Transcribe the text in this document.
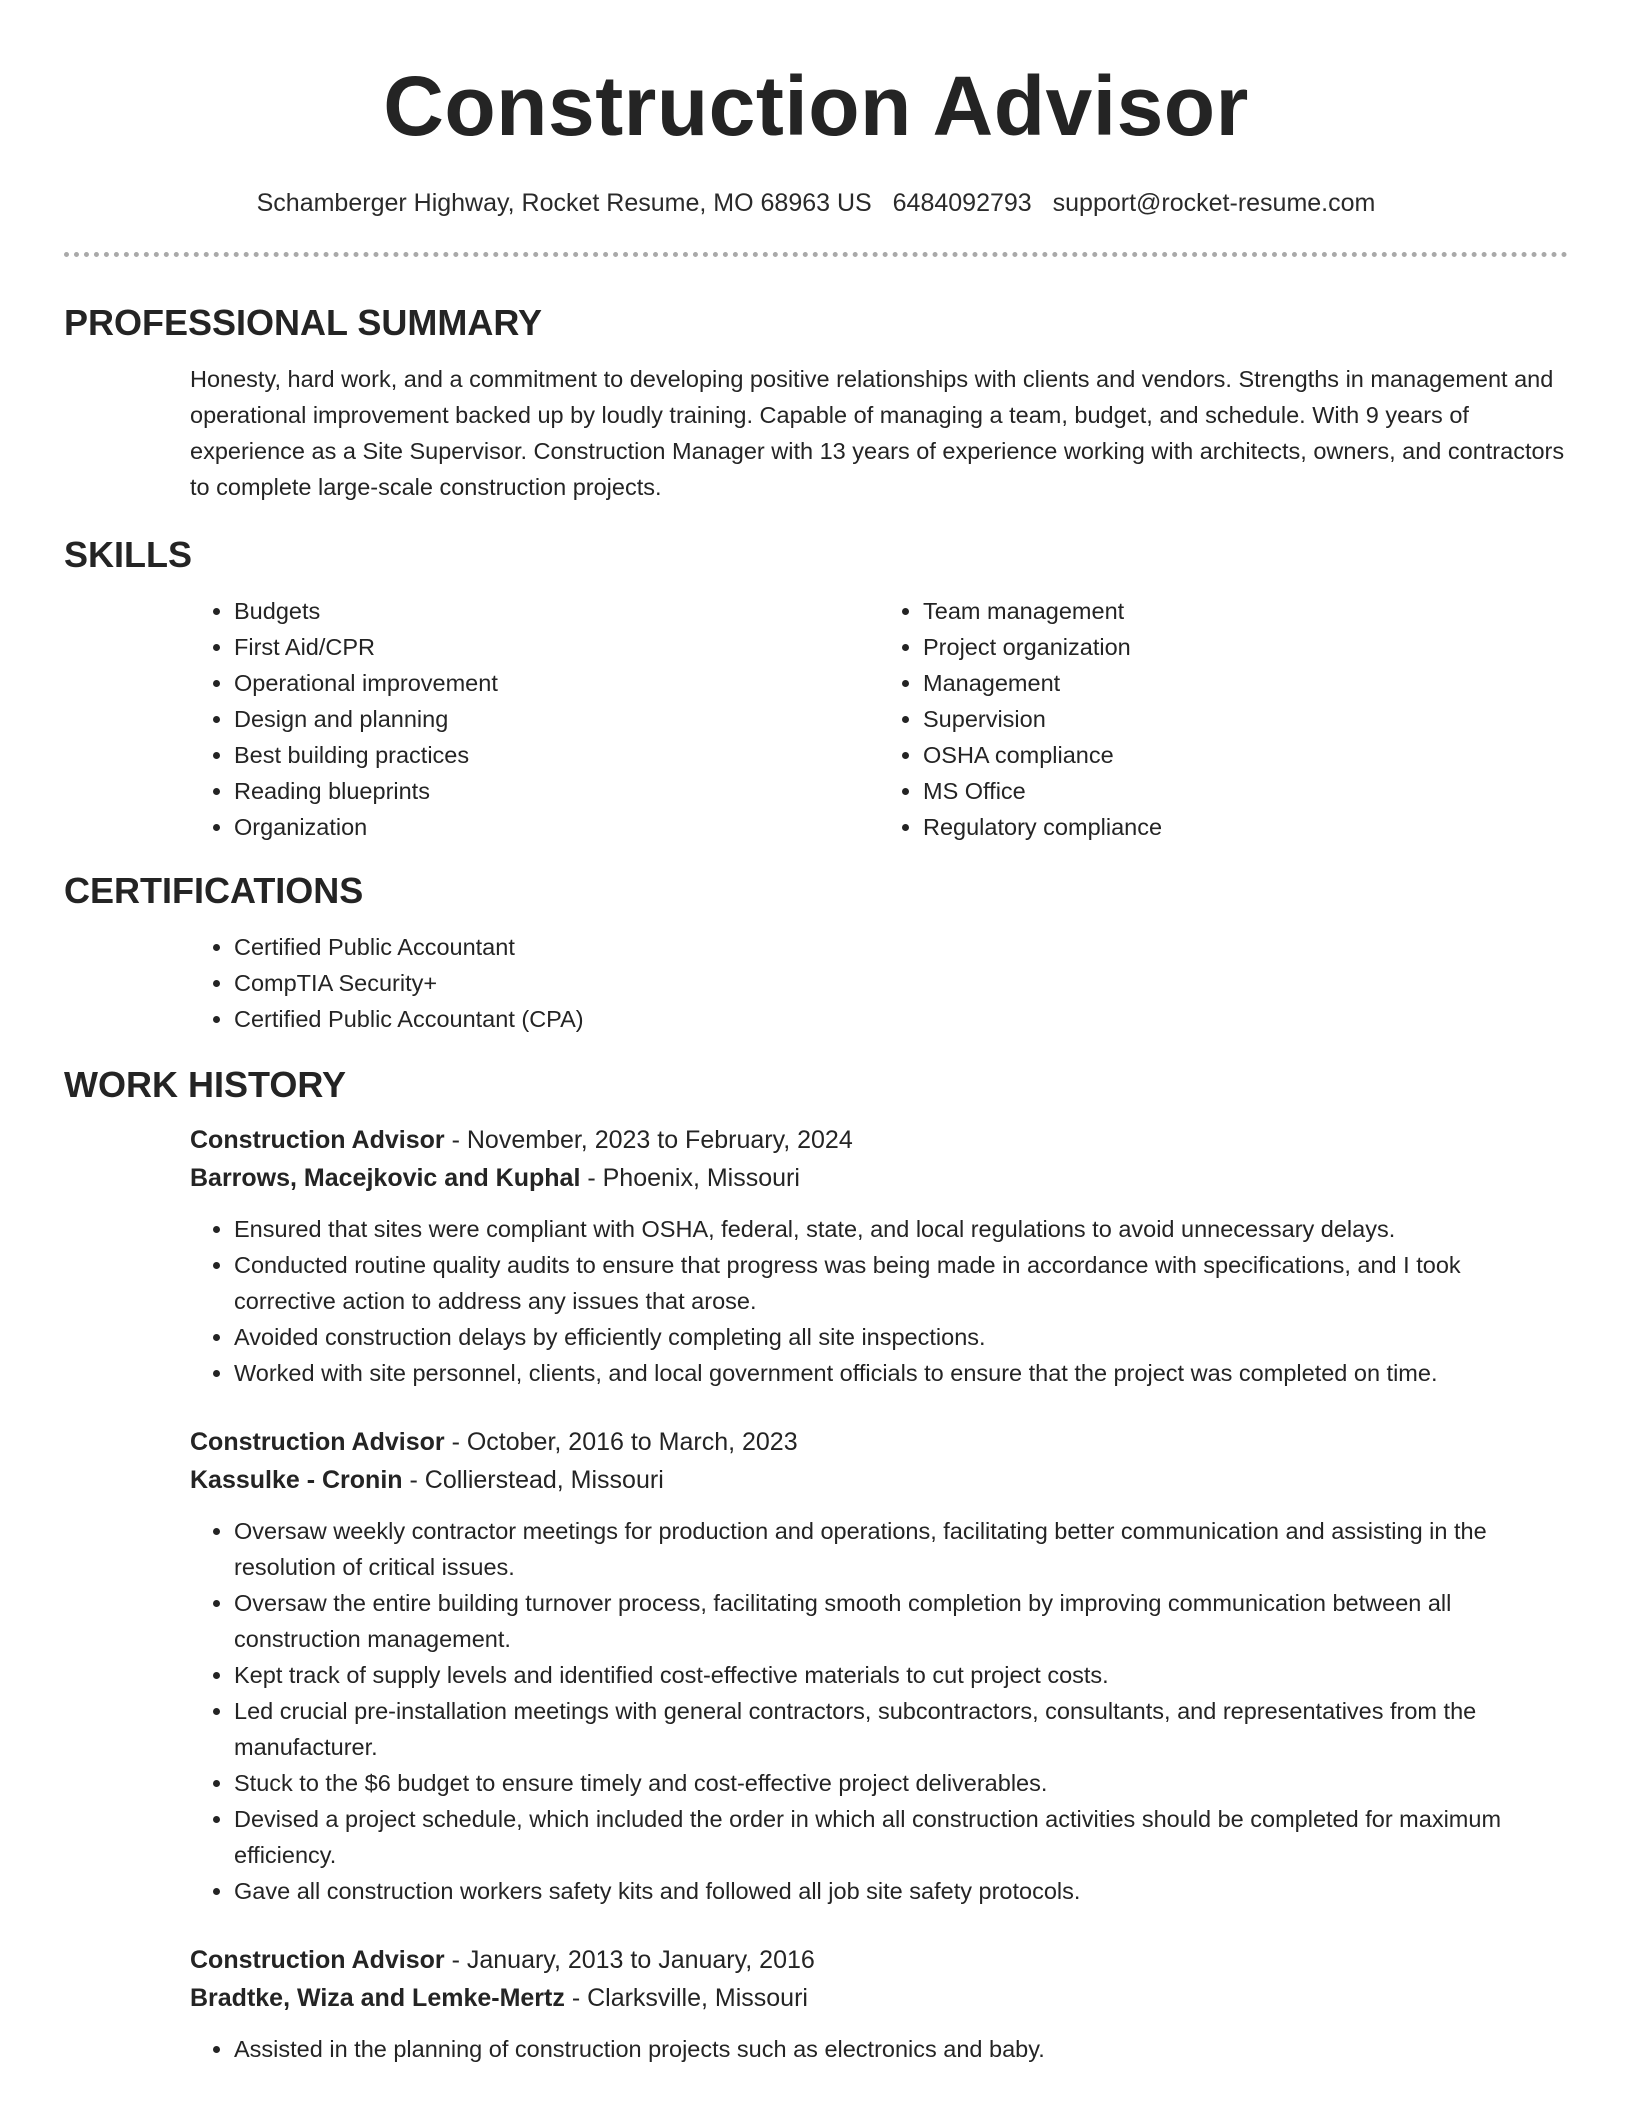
Construction Advisor
Schamberger Highway, Rocket Resume, MO 68963 US 6484092793 support@rocket-resume.com
PROFESSIONAL SUMMARY

Honesty, hard work, and a commitment to developing positive relationships with clients and vendors. Strengths in management and operational improvement backed up by loudly training. Capable of managing a team, budget, and schedule. With 9 years of experience as a Site Supervisor. Construction Manager with 13 years of experience working with architects, owners, and contractors to complete large-scale construction projects.

SKILLS
• Budgets
• First Aid/CPR
• Operational improvement
• Design and planning
• Best building practices
• Reading blueprints
• Organization
• Team management
• Project organization
• Management
• Supervision
• OSHA compliance
• MS Office
• Regulatory compliance
CERTIFICATIONS
• Certified Public Accountant
• CompTIA Security+
• Certified Public Accountant (CPA)
WORK HISTORY

Construction Advisor - November, 2023 to February, 2024

Barrows, Macejkovic and Kuphal - Phoenix, Missouri

• Ensured that sites were compliant with OSHA, federal, state, and local regulations to avoid unnecessary delays.
• Conducted routine quality audits to ensure that progress was being made in accordance with specifications, and I took corrective action to address any issues that arose.
• Avoided construction delays by efficiently completing all site inspections.
• Worked with site personnel, clients, and local government officials to ensure that the project was completed on time.

Construction Advisor - October, 2016 to March, 2023

Kassulke - Cronin - Collierstead, Missouri

• Oversaw weekly contractor meetings for production and operations, facilitating better communication and assisting in the resolution of critical issues.
• Oversaw the entire building turnover process, facilitating smooth completion by improving communication between all construction management.
• Kept track of supply levels and identified cost-effective materials to cut project costs.
• Led crucial pre-installation meetings with general contractors, subcontractors, consultants, and representatives from the manufacturer.
• Stuck to the $6 budget to ensure timely and cost-effective project deliverables.
• Devised a project schedule, which included the order in which all construction activities should be completed for maximum efficiency.
• Gave all construction workers safety kits and followed all job site safety protocols.

Construction Advisor - January, 2013 to January, 2016

Bradtke, Wiza and Lemke-Mertz - Clarksville, Missouri

• Assisted in the planning of construction projects such as electronics and baby.
